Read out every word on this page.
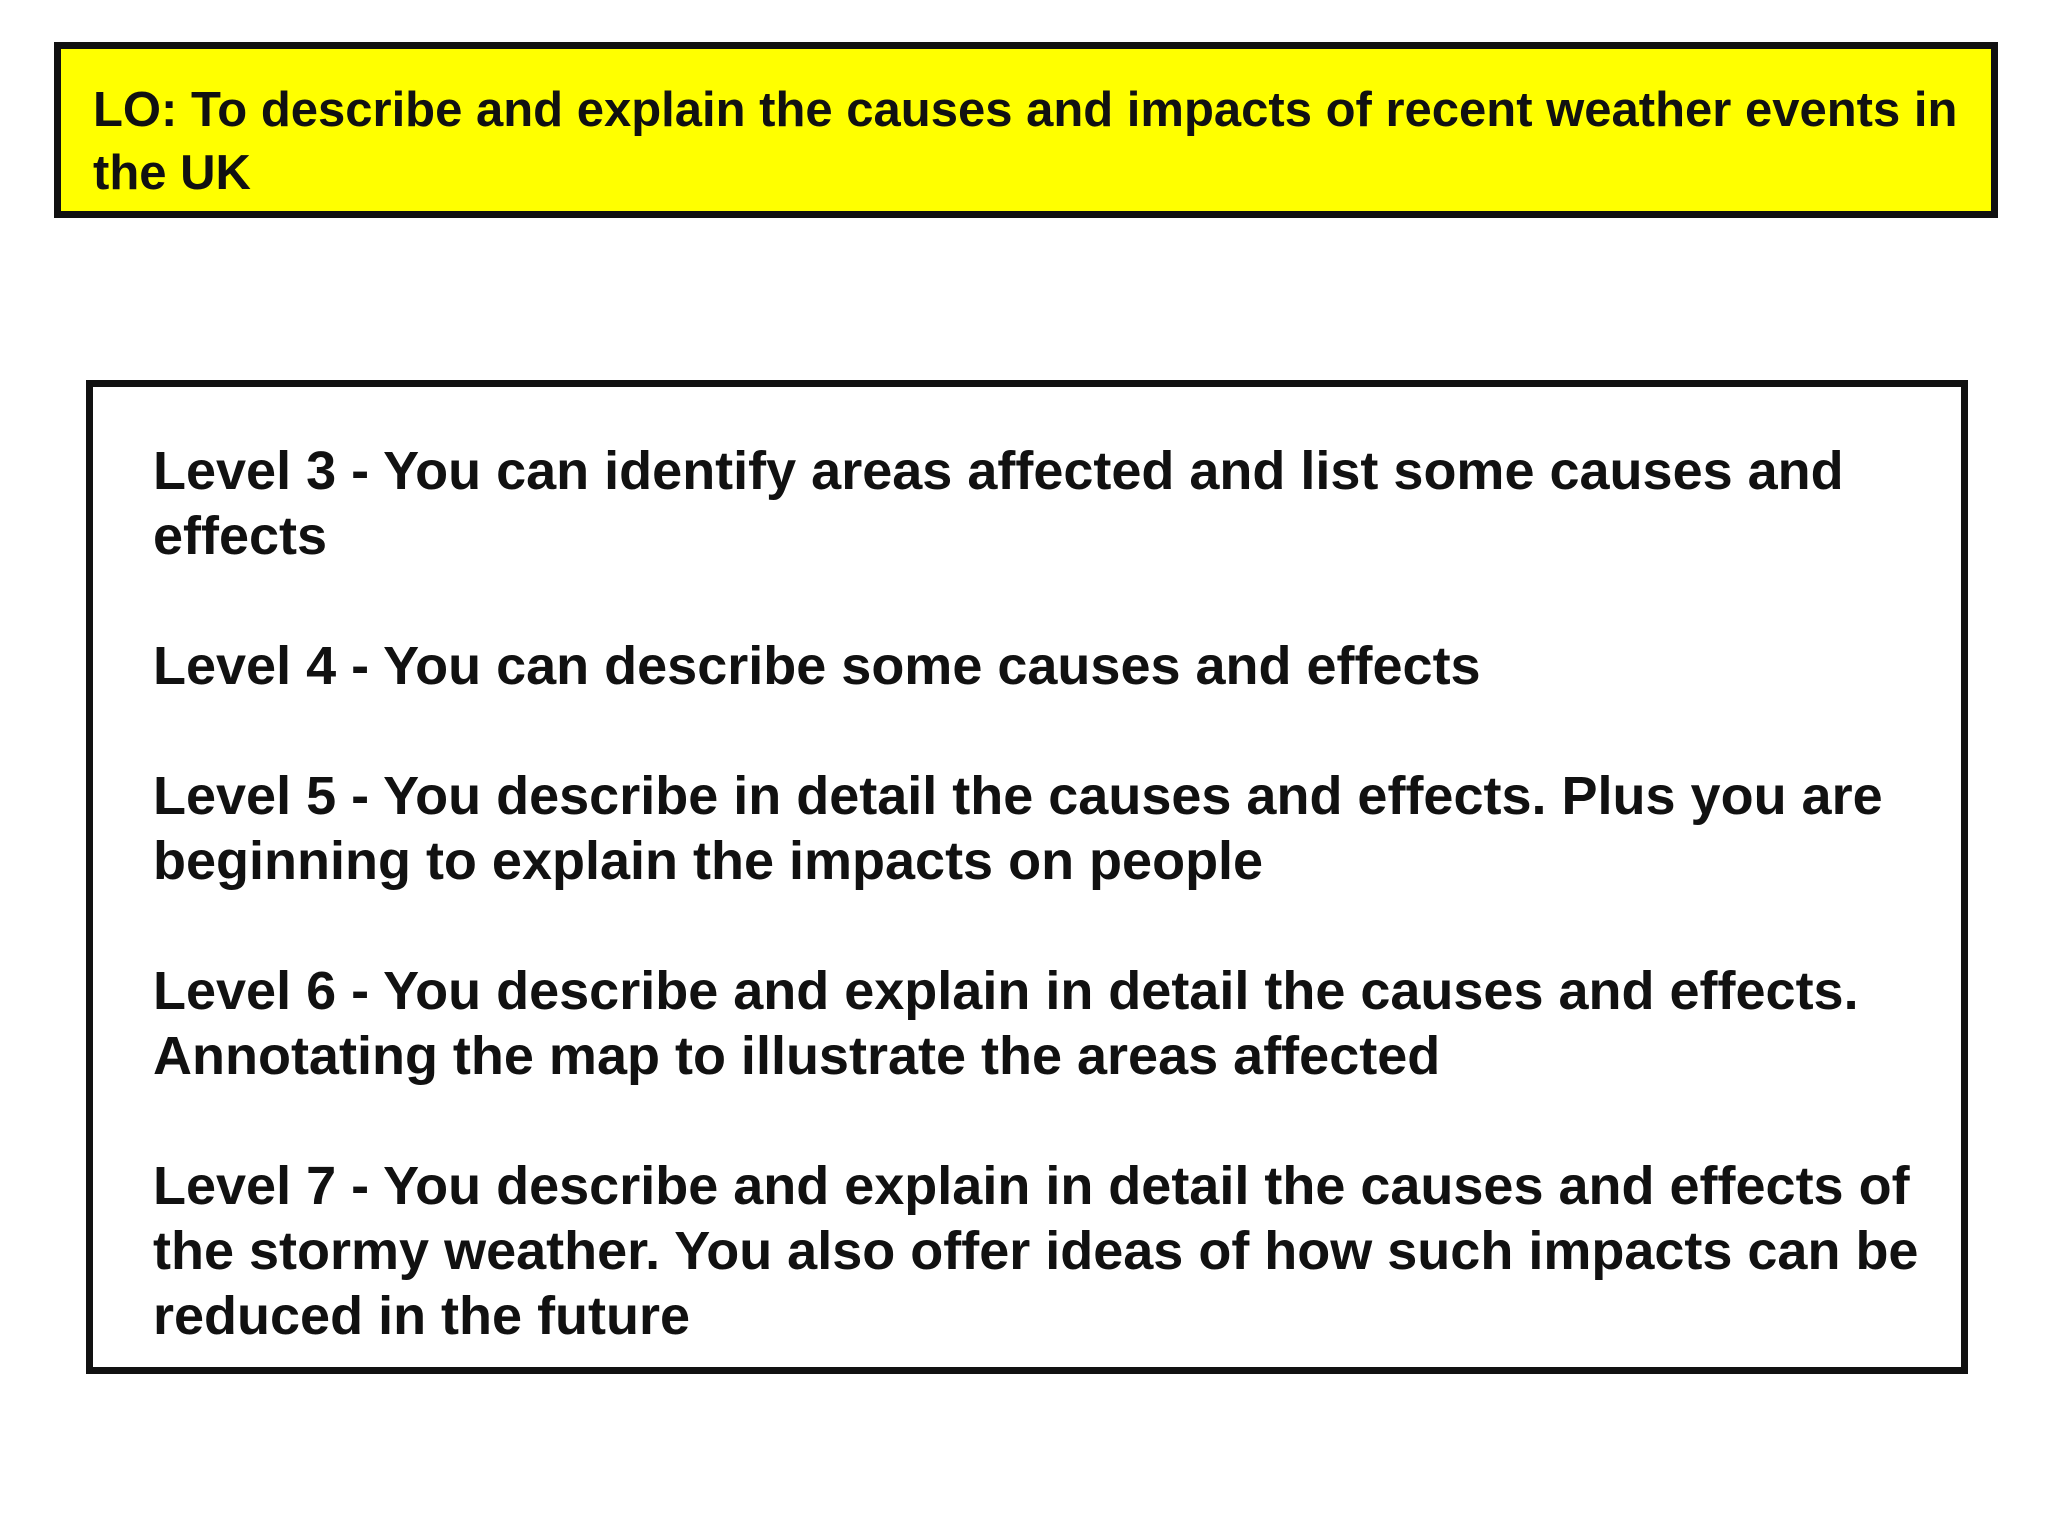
LO: To describe and explain the causes and impacts of recent weather events in the UK

Level 3 - You can identify areas affected and list some causes and effects

Level 4 - You can describe some causes and effects

Level 5 - You describe in detail the causes and effects. Plus you are beginning to explain the impacts on people

Level 6 - You describe and explain in detail the causes and effects. Annotating the map to illustrate the areas affected

Level 7 - You describe and explain in detail the causes and effects of the stormy weather. You also offer ideas of how such impacts can be reduced in the future
